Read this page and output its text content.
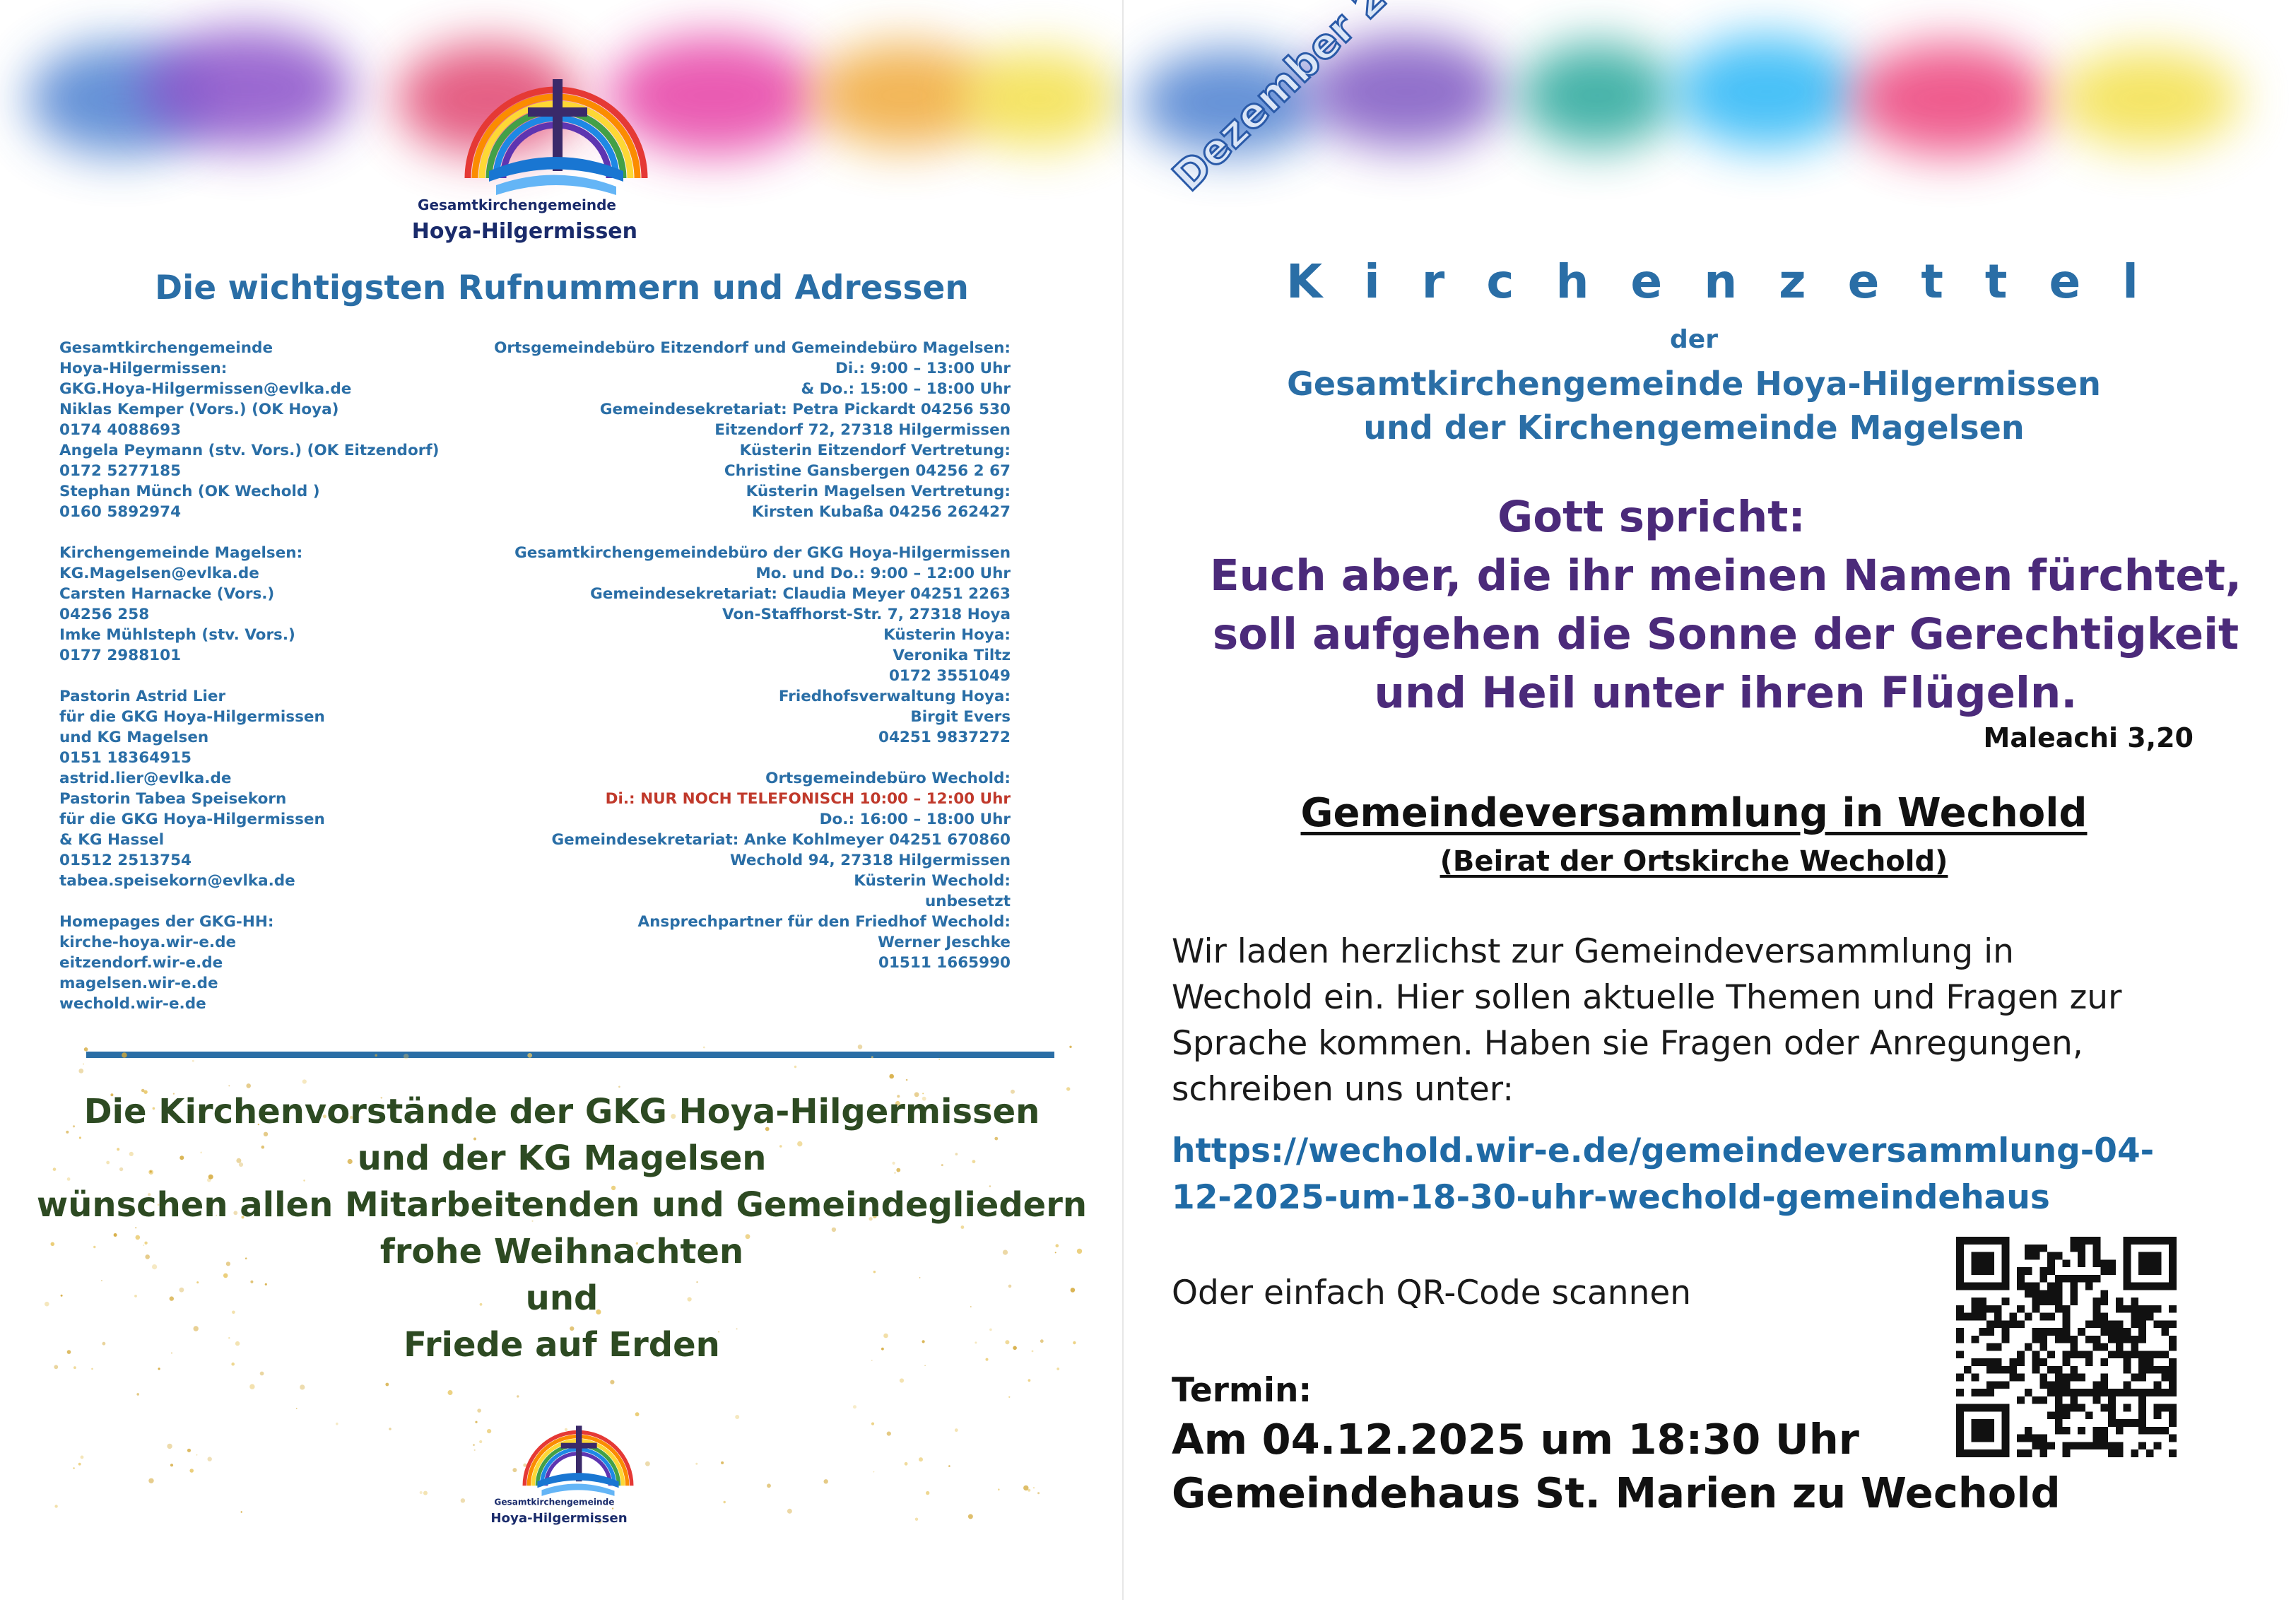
Gesamtkirchengemeinde
Hoya-Hilgermissen
Die wichtigsten Rufnummern und Adressen
Gesamtkirchengemeinde
Hoya-Hilgermissen:
GKG.Hoya-Hilgermissen@evlka.de
Niklas Kemper (Vors.) (OK Hoya)
0174 4088693
Angela Peymann (stv. Vors.) (OK Eitzendorf)
0172 5277185
Stephan Münch (OK Wechold )
0160 5892974
Kirchengemeinde Magelsen:
KG.Magelsen@evlka.de
Carsten Harnacke (Vors.)
04256 258
Imke Mühlsteph (stv. Vors.)
0177 2988101
Pastorin Astrid Lier
für die GKG Hoya-Hilgermissen
und KG Magelsen
0151 18364915
astrid.lier@evlka.de
Pastorin Tabea Speisekorn
für die GKG Hoya-Hilgermissen
& KG Hassel
01512 2513754
tabea.speisekorn@evlka.de
Homepages der GKG-HH:
kirche-hoya.wir-e.de
eitzendorf.wir-e.de
magelsen.wir-e.de
wechold.wir-e.de
Ortsgemeindebüro Eitzendorf und Gemeindebüro Magelsen:
Di.: 9:00 – 13:00 Uhr
& Do.: 15:00 – 18:00 Uhr
Gemeindesekretariat: Petra Pickardt 04256 530
Eitzendorf 72, 27318 Hilgermissen
Küsterin Eitzendorf Vertretung:
Christine Gansbergen 04256 2 67
Küsterin Magelsen Vertretung:
Kirsten Kubaßa 04256 262427
Gesamtkirchengemeindebüro der GKG Hoya-Hilgermissen
Mo. und Do.: 9:00 – 12:00 Uhr
Gemeindesekretariat: Claudia Meyer 04251 2263
Von-Staffhorst-Str. 7, 27318 Hoya
Küsterin Hoya:
Veronika Tiltz
0172 3551049
Friedhofsverwaltung Hoya:
Birgit Evers
04251 9837272
Ortsgemeindebüro Wechold:
Di.: NUR NOCH TELEFONISCH 10:00 – 12:00 Uhr
Do.: 16:00 – 18:00 Uhr
Gemeindesekretariat: Anke Kohlmeyer 04251 670860
Wechold 94, 27318 Hilgermissen
Küsterin Wechold:
unbesetzt
Ansprechpartner für den Friedhof Wechold:
Werner Jeschke
01511 1665990
Die Kirchenvorstände der GKG Hoya-Hilgermissen
und der KG Magelsen
wünschen allen Mitarbeitenden und Gemeindegliedern
frohe Weihnachten
und
Friede auf Erden
Gesamtkirchengemeinde
Hoya-Hilgermissen
Dezember
Kirchenzettel
der
Gesamtkirchengemeinde Hoya-Hilgermissen
und der Kirchengemeinde Magelsen
Gott spricht:
Euch aber, die ihr meinen Namen fürchtet,
soll aufgehen die Sonne der Gerechtigkeit
und Heil unter ihren Flügeln.
Maleachi 3,20
Gemeindeversammlung in Wechold
(Beirat der Ortskirche Wechold)
Wir laden herzlichst zur Gemeindeversammlung in
Wechold ein. Hier sollen aktuelle Themen und Fragen zur
Sprache kommen. Haben sie Fragen oder Anregungen,
schreiben uns unter:
https://wechold.wir-e.de/gemeindeversammlung-04-
12-2025-um-18-30-uhr-wechold-gemeindehaus
Oder einfach QR-Code scannen
Termin:
Am 04.12.2025 um 18:30 Uhr
Gemeindehaus St. Marien zu Wechold
